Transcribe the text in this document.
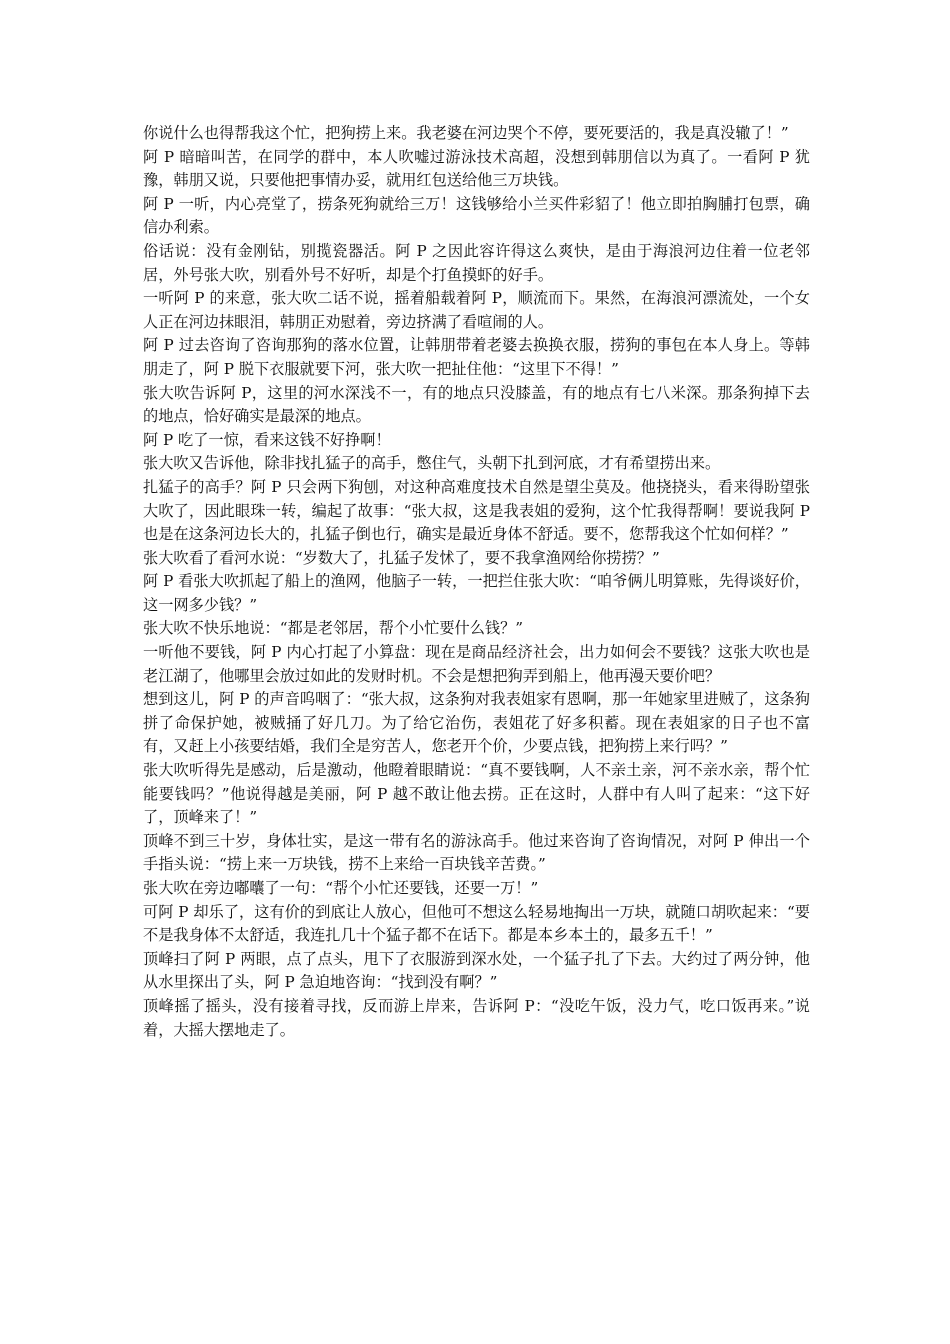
你说什么也得帮我这个忙，把狗捞上来。我老婆在河边哭个不停，要死要活的，我是真没辙了！”

阿 P 暗暗叫苦，在同学的群中，本人吹嘘过游泳技术高超，没想到韩朋信以为真了。一看阿 P 犹豫，韩朋又说，只要他把事情办妥，就用红包送给他三万块钱。

阿 P 一听，内心亮堂了，捞条死狗就给三万！这钱够给小兰买件彩貂了！他立即拍胸脯打包票，确信办利索。

俗话说：没有金刚钻，别揽瓷器活。阿 P 之因此容许得这么爽快，是由于海浪河边住着一位老邻居，外号张大吹，别看外号不好听，却是个打鱼摸虾的好手。

一听阿 P 的来意，张大吹二话不说，摇着船载着阿 P，顺流而下。果然，在海浪河漂流处，一个女人正在河边抹眼泪，韩朋正劝慰着，旁边挤满了看喧闹的人。

阿 P 过去咨询了咨询那狗的落水位置，让韩朋带着老婆去换换衣服，捞狗的事包在本人身上。等韩朋走了，阿 P 脱下衣服就要下河，张大吹一把扯住他：“这里下不得！”

张大吹告诉阿 P，这里的河水深浅不一，有的地点只没膝盖，有的地点有七八米深。那条狗掉下去的地点，恰好确实是最深的地点。

阿 P 吃了一惊，看来这钱不好挣啊！

张大吹又告诉他，除非找扎猛子的高手，憋住气，头朝下扎到河底，才有希望捞出来。

扎猛子的高手？阿 P 只会两下狗刨，对这种高难度技术自然是望尘莫及。他挠挠头，看来得盼望张大吹了，因此眼珠一转，编起了故事：“张大叔，这是我表姐的爱狗，这个忙我得帮啊！要说我阿 P 也是在这条河边长大的，扎猛子倒也行，确实是最近身体不舒适。要不，您帮我这个忙如何样？”

张大吹看了看河水说：“岁数大了，扎猛子发怵了，要不我拿渔网给你捞捞？”

阿 P 看张大吹抓起了船上的渔网，他脑子一转，一把拦住张大吹：“咱爷俩儿明算账，先得谈好价，这一网多少钱？”

张大吹不快乐地说：“都是老邻居，帮个小忙要什么钱？”

一听他不要钱，阿 P 内心打起了小算盘：现在是商品经济社会，出力如何会不要钱？这张大吹也是老江湖了，他哪里会放过如此的发财时机。不会是想把狗弄到船上，他再漫天要价吧？

想到这儿，阿 P 的声音呜咽了：“张大叔，这条狗对我表姐家有恩啊，那一年她家里进贼了，这条狗拼了命保护她，被贼捅了好几刀。为了给它治伤，表姐花了好多积蓄。现在表姐家的日子也不富有，又赶上小孩要结婚，我们全是穷苦人，您老开个价，少要点钱，把狗捞上来行吗？”

张大吹听得先是感动，后是激动，他瞪着眼睛说：“真不要钱啊，人不亲土亲，河不亲水亲，帮个忙能要钱吗？”他说得越是美丽，阿 P 越不敢让他去捞。正在这时，人群中有人叫了起来：“这下好了，顶峰来了！”

顶峰不到三十岁，身体壮实，是这一带有名的游泳高手。他过来咨询了咨询情况，对阿 P 伸出一个手指头说：“捞上来一万块钱，捞不上来给一百块钱辛苦费。”

张大吹在旁边嘟囔了一句：“帮个小忙还要钱，还要一万！”

可阿 P 却乐了，这有价的到底让人放心，但他可不想这么轻易地掏出一万块，就随口胡吹起来：“要不是我身体不太舒适，我连扎几十个猛子都不在话下。都是本乡本土的，最多五千！”

顶峰扫了阿 P 两眼，点了点头，甩下了衣服游到深水处，一个猛子扎了下去。大约过了两分钟，他从水里探出了头，阿 P 急迫地咨询：“找到没有啊？”

顶峰摇了摇头，没有接着寻找，反而游上岸来，告诉阿 P：“没吃午饭，没力气，吃口饭再来。”说着，大摇大摆地走了。
